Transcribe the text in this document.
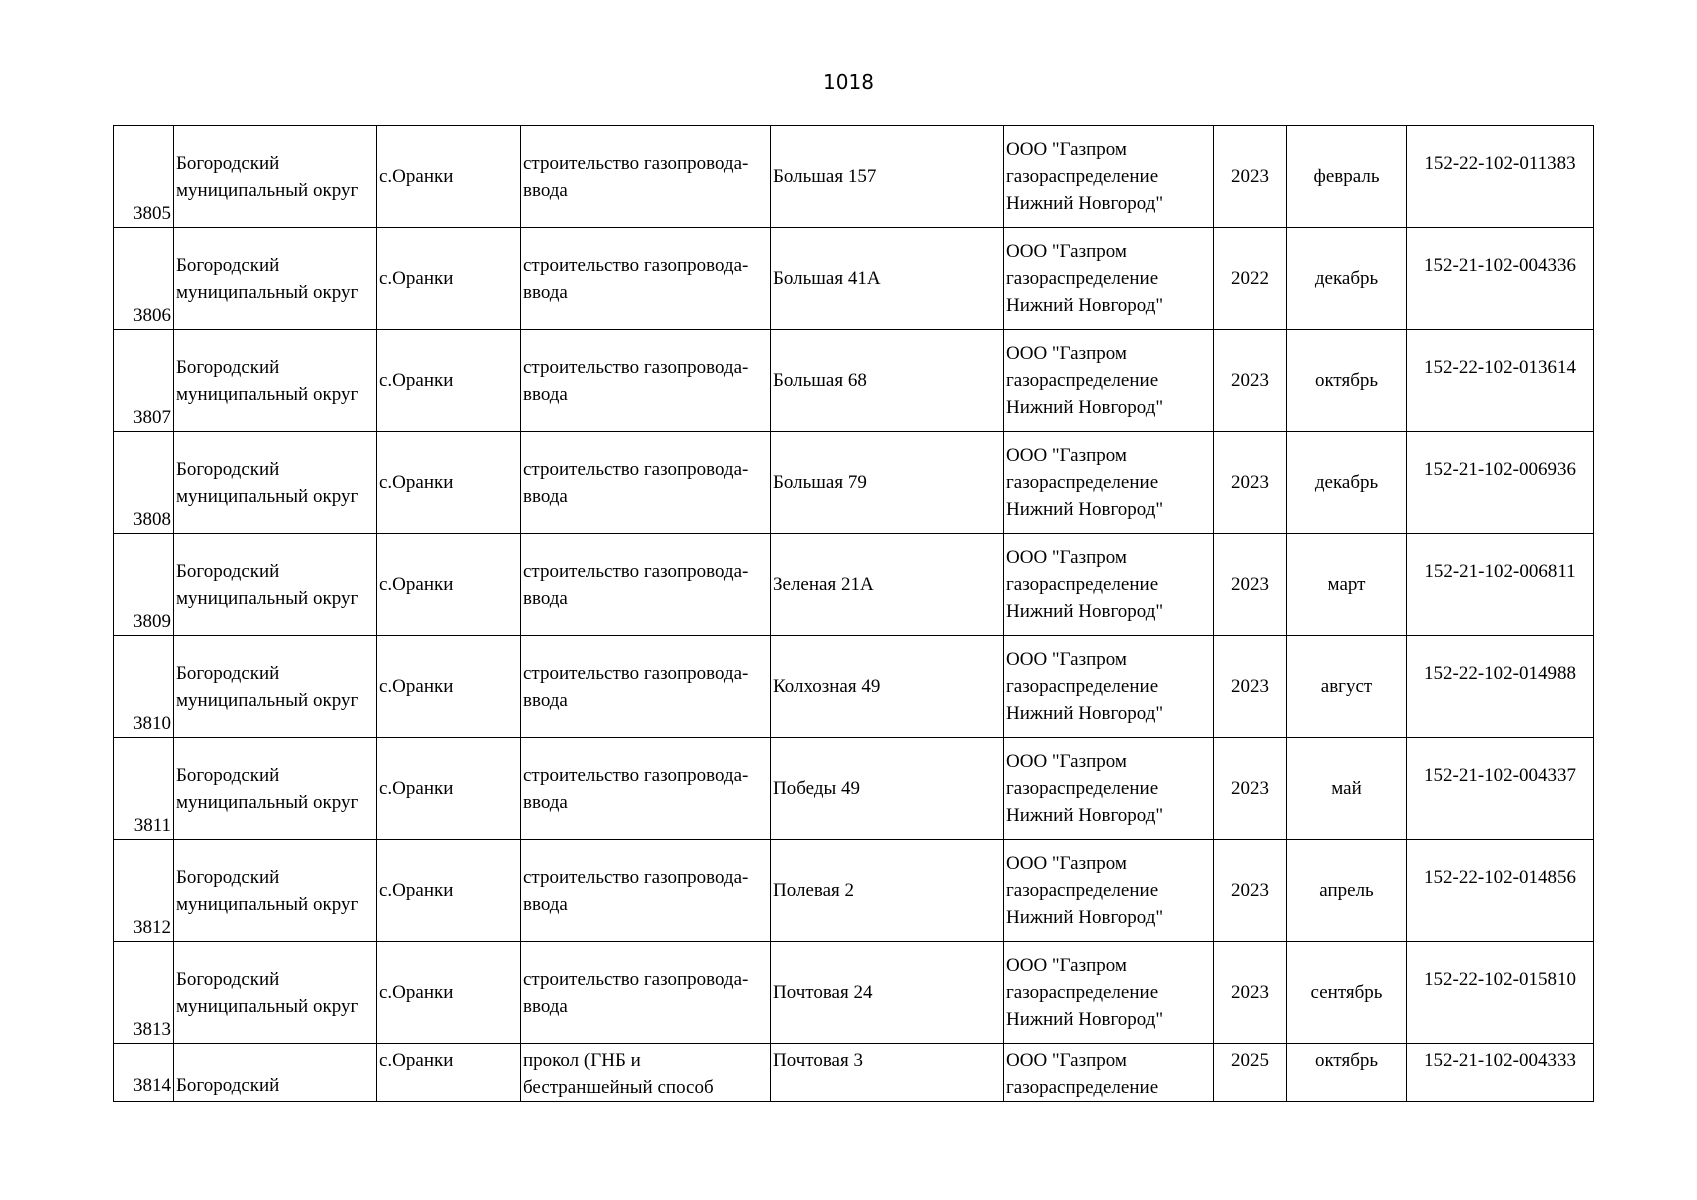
1018
3805	Богородский муниципальный округ	с.Оранки	строительство газопровода-ввода	Большая 157	ООО "Газпром газораспределение Нижний Новгород"	2023	февраль	152-22-102-011383
3806	Богородский муниципальный округ	с.Оранки	строительство газопровода-ввода	Большая 41А	ООО "Газпром газораспределение Нижний Новгород"	2022	декабрь	152-21-102-004336
3807	Богородский муниципальный округ	с.Оранки	строительство газопровода-ввода	Большая 68	ООО "Газпром газораспределение Нижний Новгород"	2023	октябрь	152-22-102-013614
3808	Богородский муниципальный округ	с.Оранки	строительство газопровода-ввода	Большая 79	ООО "Газпром газораспределение Нижний Новгород"	2023	декабрь	152-21-102-006936
3809	Богородский муниципальный округ	с.Оранки	строительство газопровода-ввода	Зеленая 21А	ООО "Газпром газораспределение Нижний Новгород"	2023	март	152-21-102-006811
3810	Богородский муниципальный округ	с.Оранки	строительство газопровода-ввода	Колхозная 49	ООО "Газпром газораспределение Нижний Новгород"	2023	август	152-22-102-014988
3811	Богородский муниципальный округ	с.Оранки	строительство газопровода-ввода	Победы 49	ООО "Газпром газораспределение Нижний Новгород"	2023	май	152-21-102-004337
3812	Богородский муниципальный округ	с.Оранки	строительство газопровода-ввода	Полевая 2	ООО "Газпром газораспределение Нижний Новгород"	2023	апрель	152-22-102-014856
3813	Богородский муниципальный округ	с.Оранки	строительство газопровода-ввода	Почтовая 24	ООО "Газпром газораспределение Нижний Новгород"	2023	сентябрь	152-22-102-015810
3814	Богородский	с.Оранки	прокол (ГНБ и бестраншейный способ	Почтовая 3	ООО "Газпром газораспределение	2025	октябрь	152-21-102-004333
